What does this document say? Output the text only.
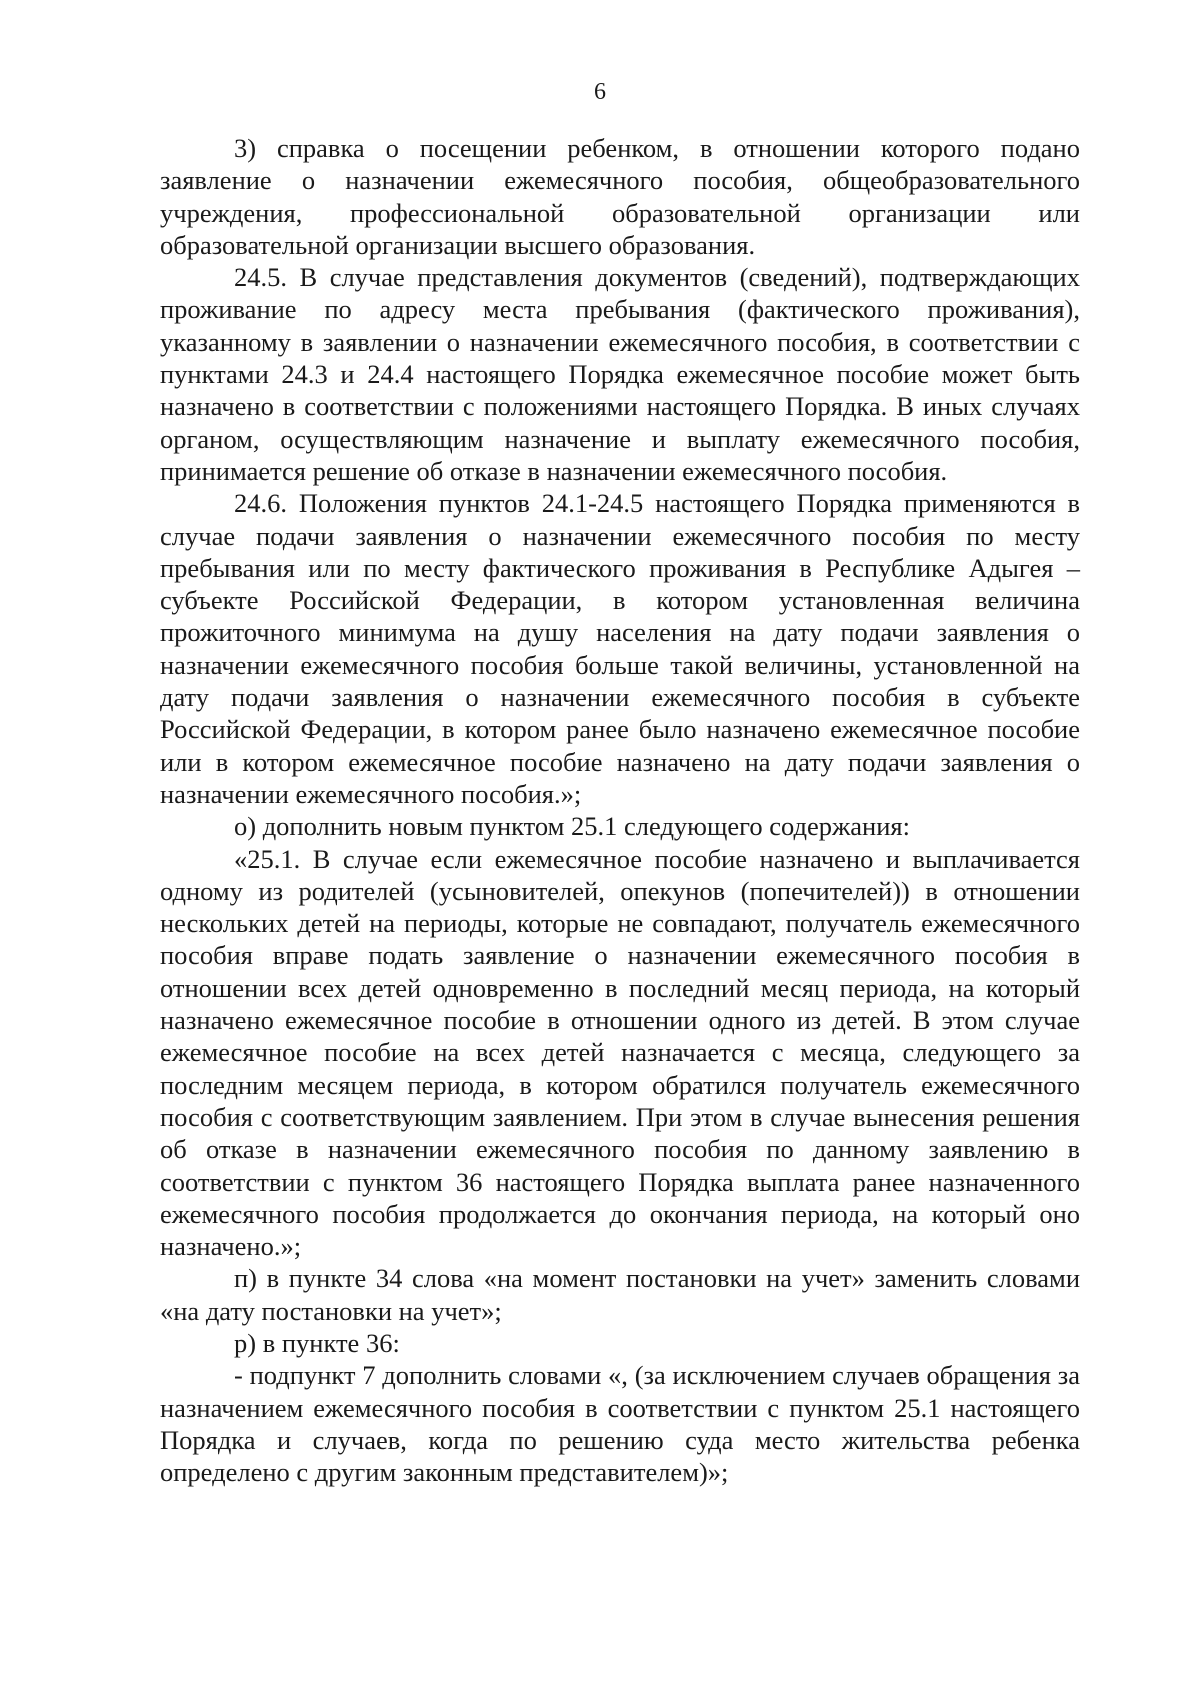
6

3) справка о посещении ребенком, в отношении которого подано заявление о назначении ежемесячного пособия, общеобразовательного учреждения, профессиональной образовательной организации или образовательной организации высшего образования.

24.5. В случае представления документов (сведений), подтверждающих проживание по адресу места пребывания (фактического проживания), указанному в заявлении о назначении ежемесячного пособия, в соответствии с пунктами 24.3 и 24.4 настоящего Порядка ежемесячное пособие может быть назначено в соответствии с положениями настоящего Порядка. В иных случаях органом, осуществляющим назначение и выплату ежемесячного пособия, принимается решение об отказе в назначении ежемесячного пособия.

24.6. Положения пунктов 24.1-24.5 настоящего Порядка применяются в случае подачи заявления о назначении ежемесячного пособия по месту пребывания или по месту фактического проживания в Республике Адыгея – субъекте Российской Федерации, в котором установленная величина прожиточного минимума на душу населения на дату подачи заявления о назначении ежемесячного пособия больше такой величины, установленной на дату подачи заявления о назначении ежемесячного пособия в субъекте Российской Федерации, в котором ранее было назначено ежемесячное пособие или в котором ежемесячное пособие назначено на дату подачи заявления о назначении ежемесячного пособия.»;

о) дополнить новым пунктом 25.1 следующего содержания:

«25.1. В случае если ежемесячное пособие назначено и выплачивается одному из родителей (усыновителей, опекунов (попечителей)) в отношении нескольких детей на периоды, которые не совпадают, получатель ежемесячного пособия вправе подать заявление о назначении ежемесячного пособия в отношении всех детей одновременно в последний месяц периода, на который назначено ежемесячное пособие в отношении одного из детей. В этом случае ежемесячное пособие на всех детей назначается с месяца, следующего за последним месяцем периода, в котором обратился получатель ежемесячного пособия с соответствующим заявлением. При этом в случае вынесения решения об отказе в назначении ежемесячного пособия по данному заявлению в соответствии с пунктом 36 настоящего Порядка выплата ранее назначенного ежемесячного пособия продолжается до окончания периода, на который оно назначено.»;

п) в пункте 34 слова «на момент постановки на учет» заменить словами «на дату постановки на учет»;

р) в пункте 36:

- подпункт 7 дополнить словами «, (за исключением случаев обращения за назначением ежемесячного пособия в соответствии с пунктом 25.1 настоящего Порядка и случаев, когда по решению суда место жительства ребенка определено с другим законным представителем)»;
